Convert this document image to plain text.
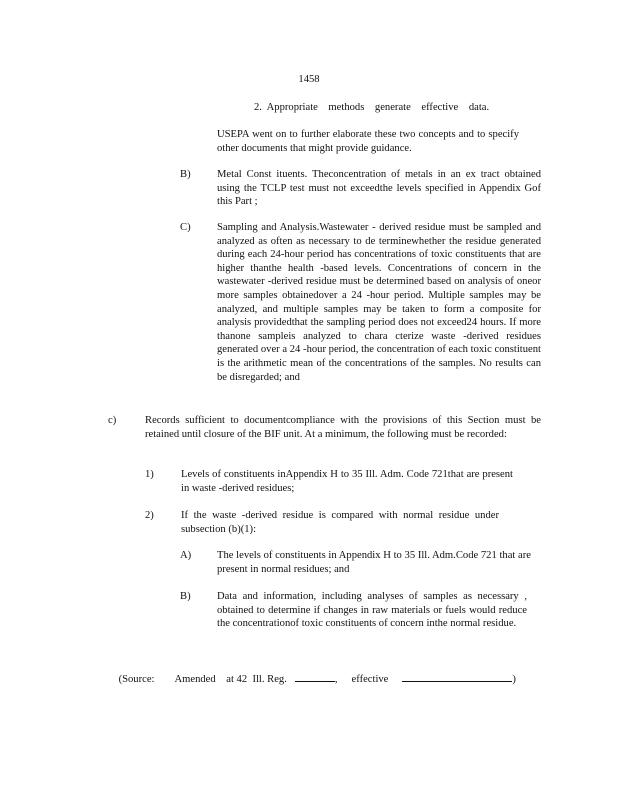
1458
2.  Appropriate    methods    generate    effective    data.
USEPA went on to further elaborate these two concepts and to specify other documents that might provide guidance.
B) Metal Const ituents. Theconcentration of metals in an ex tract obtained using the TCLP test must not exceedthe levels specified in Appendix Gof this Part ;
C) Sampling and Analysis.Wastewater - derived residue must be sampled and analyzed as often as necessary to de terminewhether the residue generated during each 24-hour period has concentrations of toxic constituents that are higher thanthe health -based levels. Concentrations of concern in the wastewater -derived residue must be determined based on analysis of oneor more samples obtainedover a 24 -hour period. Multiple samples may be analyzed, and multiple samples may be taken to form a composite for analysis providedthat the sampling period does not exceed24 hours. If more thanone sampleis analyzed to chara cterize waste -derived residues generated over a 24 -hour period, the concentration of each toxic constituent is the arithmetic mean of the concentrations of the samples. No results can be disregarded; and
c)	Records sufficient to documentcompliance with the provisions of this Section must be retained until closure of the BIF unit. At a minimum, the following must be recorded:
1)	Levels of constituents inAppendix H to 35 Ill. Adm. Code 721that are present in waste -derived residues;
2)	If the waste -derived residue is compared with normal residue under subsection (b)(1):
A) The levels of constituents in Appendix H to 35 Ill. Adm.Code 721 that are present in normal residues; and
B) Data and information, including analyses of samples as necessary , obtained to determine if changes in raw materials or fuels would reduce the concentrationof toxic constituents of concern inthe normal residue.

(Source: Amended    at 42  Ill. Reg.	, effective	)
